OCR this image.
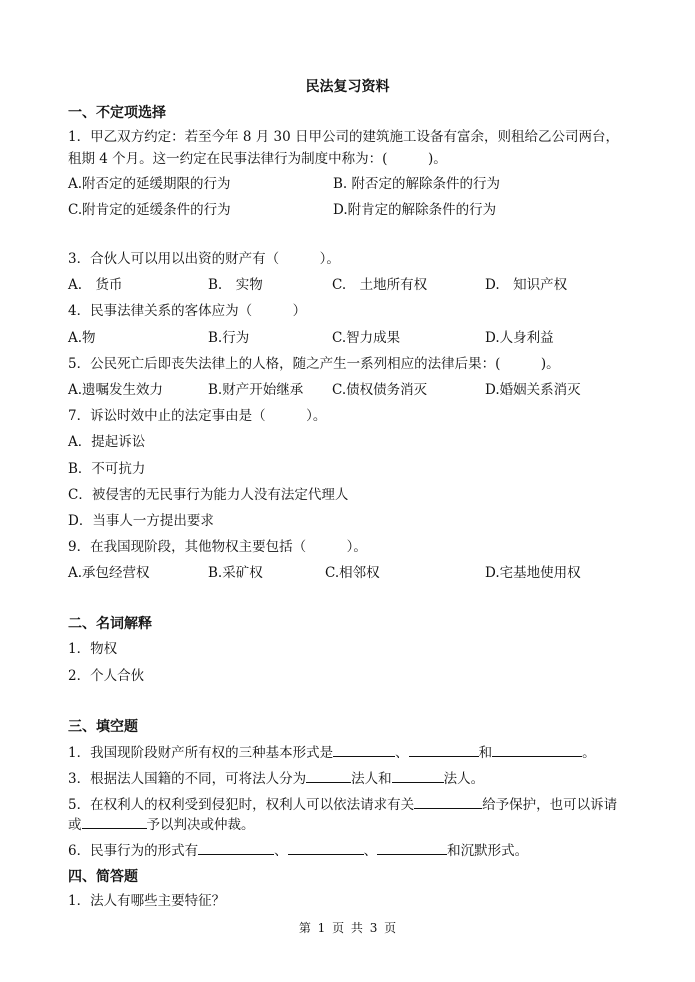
民法复习资料
一、不定项选择
1．甲乙双方约定：若至今年 8 月 30 日甲公司的建筑施工设备有富余，则租给乙公司两台，
租期 4 个月。这一约定在民事法律行为制度中称为：(　　　)。
A.附否定的延缓期限的行为	B. 附否定的解除条件的行为
C.附肯定的延缓条件的行为	D.附肯定的解除条件的行为
3．合伙人可以用以出资的财产有（　　　）。
A.　货币	B.　实物	C.　土地所有权	D.　知识产权
4．民事法律关系的客体应为（　　　）
A.物	B.行为	C.智力成果	D.人身利益
5．公民死亡后即丧失法律上的人格，随之产生一系列相应的法律后果：(　　　)。
A.遗嘱发生效力	B.财产开始继承 C.债权债务消灭	D.婚姻关系消灭
7．诉讼时效中止的法定事由是（　　　）。
A．提起诉讼
B．不可抗力
C．被侵害的无民事行为能力人没有法定代理人
D．当事人一方提出要求
9．在我国现阶段，其他物权主要包括（　　　）。
A.承包经营权	B.采矿权	C.相邻权	D.宅基地使用权
二、名词解释
1．物权
2．个人合伙
三、填空题
1．我国现阶段财产所有权的三种基本形式是	、	和	。
3．根据法人国籍的不同，可将法人分为	法人和	法人。
5．在权利人的权利受到侵犯时，权利人可以依法请求有关	给予保护，也可以诉请
或	予以判决或仲裁。
6．民事行为的形式有	、	、	和沉默形式。
四、简答题
1．法人有哪些主要特征？
第 1 页 共 3 页
